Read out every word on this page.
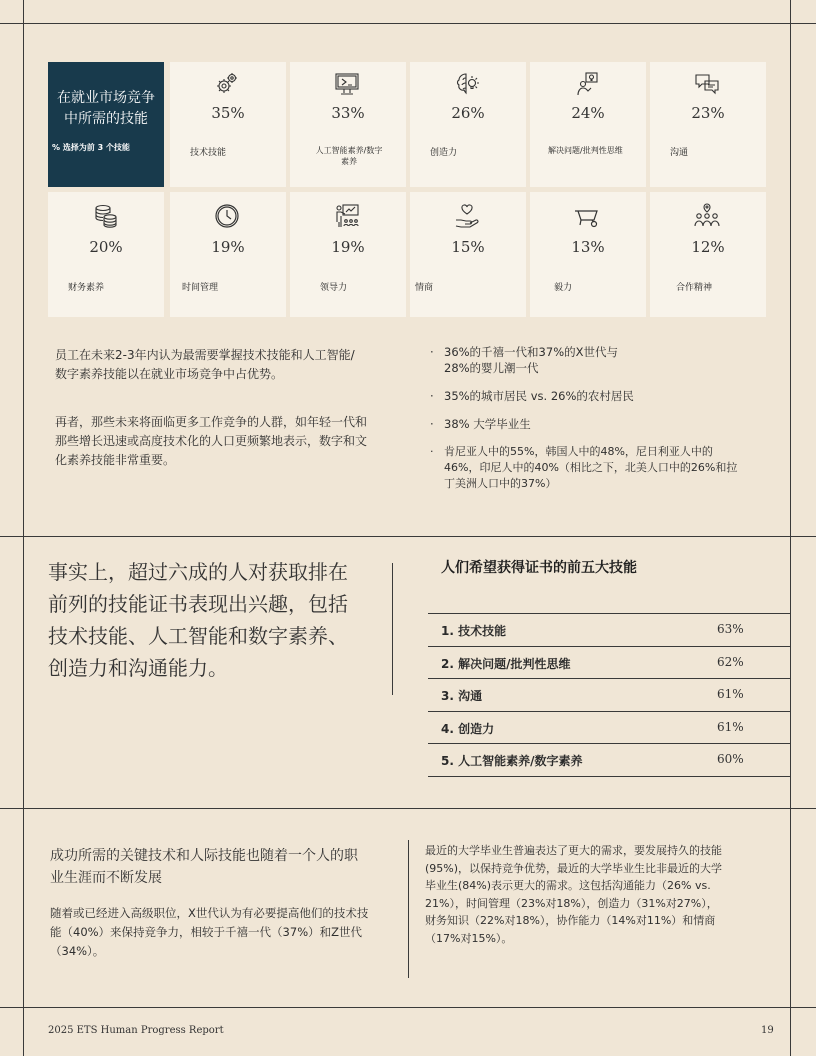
在就业市场竞争中所需的技能
% 选择为前 3 个技能
35%
技术技能
33%
人工智能素养/数字素养
26%
创造力
24%
解决问题/批判性思维
23%
沟通
20%
财务素养
19%
时间管理
19%
领导力
15%
情商
13%
毅力
12%
合作精神
员工在未来2-3年内认为最需要掌握技术技能和人工智能/数字素养技能以在就业市场竞争中占优势。
再者，那些未来将面临更多工作竞争的人群，如年轻一代和那些增长迅速或高度技术化的人口更频繁地表示，数字和文化素养技能非常重要。
· 36%的千禧一代和37%的X世代与28%的婴儿潮一代
· 35%的城市居民 vs. 26%的农村居民
· 38% 大学毕业生
· 肯尼亚人中的55%，韩国人中的48%，尼日利亚人中的46%，印尼人中的40%（相比之下，北美人口中的26%和拉丁美洲人口中的37%）
事实上，超过六成的人对获取排在前列的技能证书表现出兴趣，包括技术技能、人工智能和数字素养、创造力和沟通能力。
人们希望获得证书的前五大技能
1. 技术技能	63%
2. 解决问题/批判性思维	62%
3. 沟通	61%
4. 创造力	61%
5. 人工智能素养/数字素养	60%
成功所需的关键技术和人际技能也随着一个人的职业生涯而不断发展
随着或已经进入高级职位，X世代认为有必要提高他们的技术技能（40%）来保持竞争力，相较于千禧一代（37%）和Z世代（34%）。
最近的大学毕业生普遍表达了更大的需求，要发展持久的技能(95%)，以保持竞争优势，最近的大学毕业生比非最近的大学毕业生(84%)表示更大的需求。这包括沟通能力（26% vs. 21%），时间管理（23%对18%），创造力（31%对27%），财务知识（22%对18%），协作能力（14%对11%）和情商（17%对15%）。
2025 ETS Human Progress Report	19
